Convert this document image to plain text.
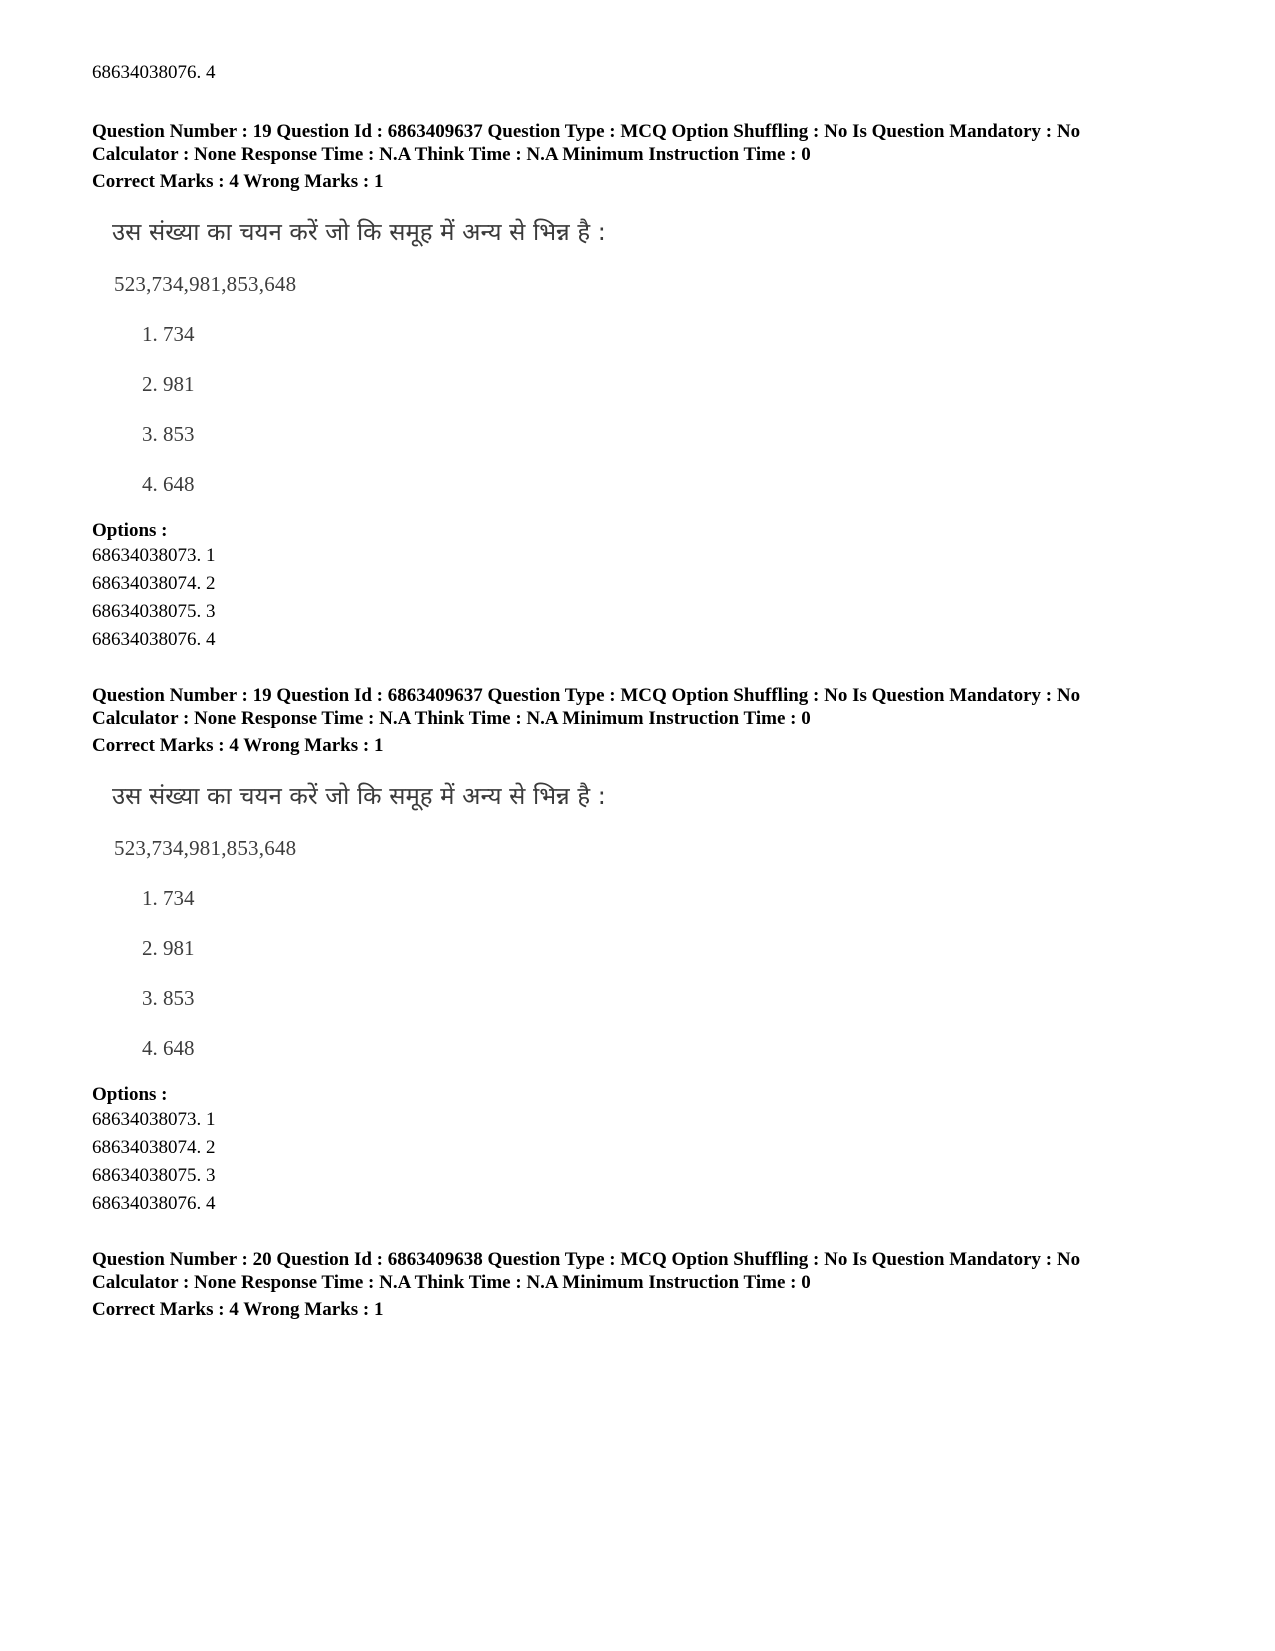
68634038076. 4
Question Number : 19 Question Id : 6863409637 Question Type : MCQ Option Shuffling : No Is Question Mandatory : No
Calculator : None Response Time : N.A Think Time : N.A Minimum Instruction Time : 0
Correct Marks : 4 Wrong Marks : 1
उस संख्या का चयन करें जो कि समूह में अन्य से भिन्न है :
523,734,981,853,648
1. 734
2. 981
3. 853
4. 648
Options :
68634038073. 1
68634038074. 2
68634038075. 3
68634038076. 4
Question Number : 19 Question Id : 6863409637 Question Type : MCQ Option Shuffling : No Is Question Mandatory : No
Calculator : None Response Time : N.A Think Time : N.A Minimum Instruction Time : 0
Correct Marks : 4 Wrong Marks : 1
उस संख्या का चयन करें जो कि समूह में अन्य से भिन्न है :
523,734,981,853,648
1. 734
2. 981
3. 853
4. 648
Options :
68634038073. 1
68634038074. 2
68634038075. 3
68634038076. 4
Question Number : 20 Question Id : 6863409638 Question Type : MCQ Option Shuffling : No Is Question Mandatory : No
Calculator : None Response Time : N.A Think Time : N.A Minimum Instruction Time : 0
Correct Marks : 4 Wrong Marks : 1
